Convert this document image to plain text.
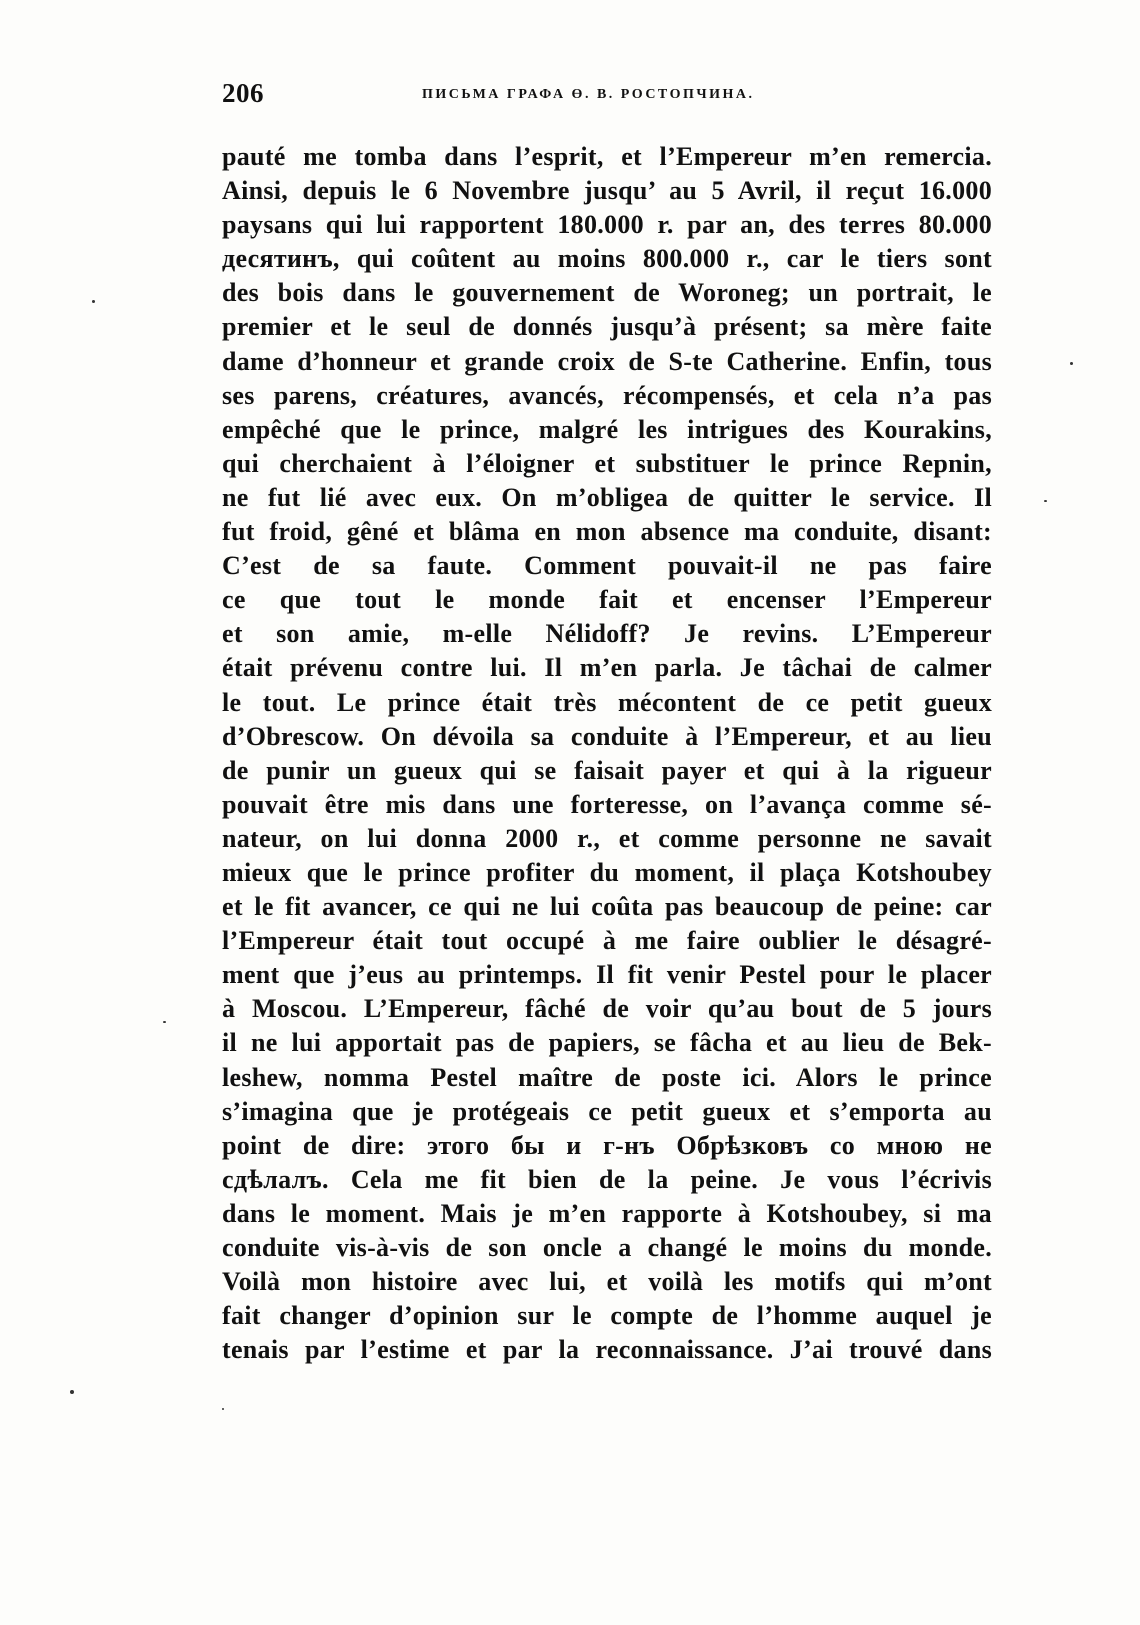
206	ПИСЬМА ГРАФА Ө. В. РОСТОПЧИНА.
pauté me tomba dans l’esprit, et l’Empereur m’en remercia.
Ainsi, depuis le 6 Novembre jusqu’ au 5 Avril, il reçut 16.000
paysans qui lui rapportent 180.000 r. par an, des terres 80.000
десятинъ, qui coûtent au moins 800.000 r., car le tiers sont
des bois dans le gouvernement de Woroneg; un portrait, le
premier et le seul de donnés jusqu’à présent; sa mère faite
dame d’honneur et grande croix de S-te Catherine. Enfin, tous
ses parens, créatures, avancés, récompensés, et cela n’a pas
empêché que le prince, malgré les intrigues des Kourakins,
qui cherchaient à l’éloigner et substituer le prince Repnin,
ne fut lié avec eux. On m’obligea de quitter le service. Il
fut froid, gêné et blâma en mon absence ma conduite, disant:
C’est de sa faute. Comment pouvait-il ne pas faire
ce que tout le monde fait et encenser l’Empereur
et son amie, m-elle Nélidoff? Je revins. L’Empereur
était prévenu contre lui. Il m’en parla. Je tâchai de calmer
le tout. Le prince était très mécontent de ce petit gueux
d’Obrescow. On dévoila sa conduite à l’Empereur, et au lieu
de punir un gueux qui se faisait payer et qui à la rigueur
pouvait être mis dans une forteresse, on l’avança comme sé-
nateur, on lui donna 2000 r., et comme personne ne savait
mieux que le prince profiter du moment, il plaça Kotshoubey
et le fit avancer, ce qui ne lui coûta pas beaucoup de peine: car
l’Empereur était tout occupé à me faire oublier le désagré-
ment que j’eus au printemps. Il fit venir Pestel pour le placer
à Moscou. L’Empereur, fâché de voir qu’au bout de 5 jours
il ne lui apportait pas de papiers, se fâcha et au lieu de Bek-
leshew, nomma Pestel maître de poste ici. Alors le prince
s’imagina que je protégeais ce petit gueux et s’emporta au
point de dire: этого бы и г-нъ Обрѣзковъ со мною не
сдѣлалъ. Cela me fit bien de la peine. Je vous l’écrivis
dans le moment. Mais je m’en rapporte à Kotshoubey, si ma
conduite vis-à-vis de son oncle a changé le moins du monde.
Voilà mon histoire avec lui, et voilà les motifs qui m’ont
fait changer d’opinion sur le compte de l’homme auquel je
tenais par l’estime et par la reconnaissance. J’ai trouvé dans
